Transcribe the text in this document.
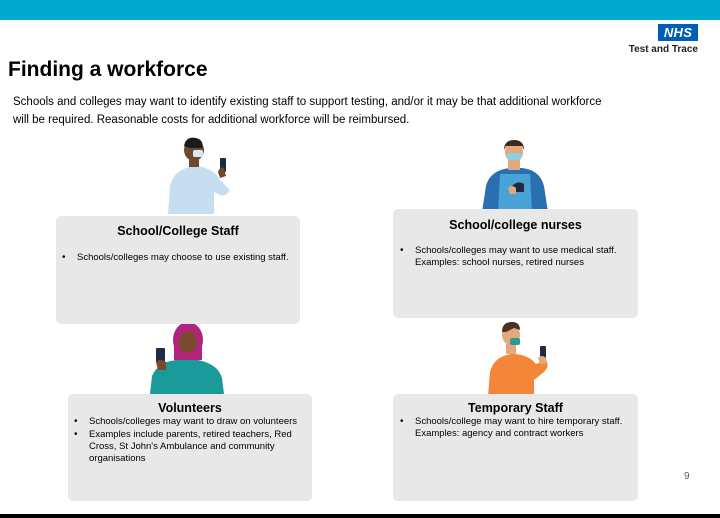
NHS
Test and Trace
Finding a workforce
Schools and colleges may want to identify existing staff to support testing, and/or it may be that additional workforce will be required. Reasonable costs for additional workforce will be reimbursed.
School/College Staff
• Schools/colleges may choose to use existing staff.
School/college nurses
• Schools/colleges may want to use medical staff. Examples: school nurses, retired nurses
Volunteers
• Schools/colleges may want to draw on volunteers
• Examples include parents, retired teachers, Red Cross, St John's Ambulance and community organisations
Temporary Staff
• Schools/college may want to hire temporary staff. Examples: agency and contract workers
9
